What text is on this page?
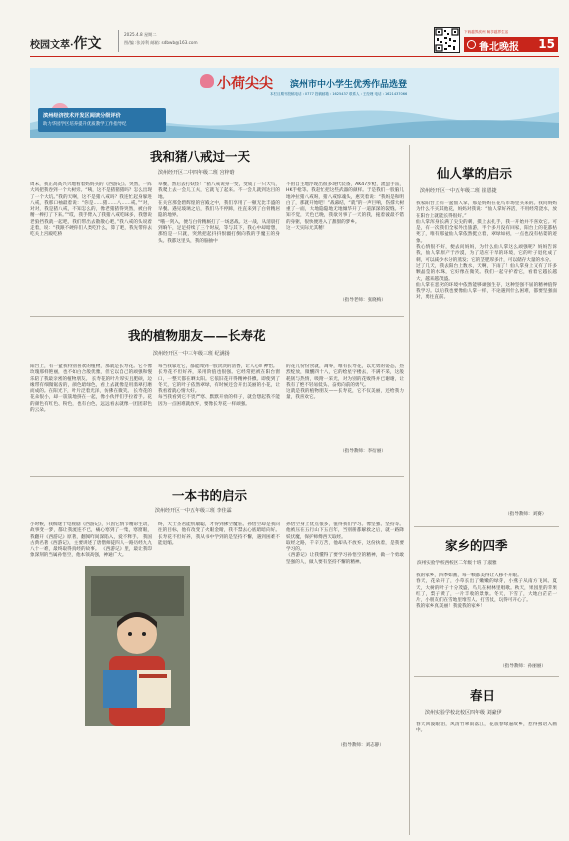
校园文萃·作文
2025.4.8 星期二
图/编 :张涛利 邮箱: sdbwb@163.com
下载越界滨州 畅享越界生活
鲁北晚报 15
小荷尖尖 滨州市中小学生优秀作品选登
本栏目期刊投稿电话 : 0777 投稿邮箱 : 1625437 联系人 : 王经理 电话 : 1621437066
滨州经济技术开发区阅读分级评价
助力华园学区培养提升优质教学工作指导纪
我和猪八戒过一天
滨州经开区二中四年级二班 宫梓晗
周末，我正高高兴兴地看着妈妈买的《西游记》。突然，一阵大风把我卷到一个大树旁。“咦，这不是猪猪猪吗？怎么出现了一个大坑。”我的天啊，这不是猪八戒吗？我连忙起身躲进八戒，我那口袖最着说：“你是……猪……八……戒。”“对，对对，我是猪八戒，不知怎么的，像老猪猪得突然，被白骨精一棒打了下来。”“哎，我手臂入了我猪八戒吃咪多，我想说老狼挡我就一起吧，我们带出去散散心吧，”我八戒的头说着走着，说：“我跟不硬你们人类吃什么，算了吧，我先带你去吃关上宫殿吃桥
草餐，然后去打妖怪！”猪八戒说身一变，变成了一只大鸟，我爬上去一会儿工夫，它就飞了起来。不一会儿就到达目的地。
在关宫那金碧辉煌的宫殿之中，我们享用了一顿无比丰盛的早餐。遇见玻璃之后，我们马不停蹄，往直来到了白骨精居隐的地界。
“哦一剑入，便与白骨精厮打了一场恶战。这一战，从清晨打到晌午，足足持续了三个时辰，等与其下，我心中却暗想，那怕是一只就，突然把起抖抖恨疆打倒向我的手魔王的身头。我都这里头，我的脑抽中
不由自主地浮现出很多现代装备，AK47步枪，流萤手雷，HK手枪等。我赶忙把这些武器的颜样。于是我们一股脑儿地冲拉猪八戒呀，猪八戒惊魂头，惠笑着说：“我妈是和明白了，那就开始吧！”战幕结，“就”的一声巨响，伤撑大树重了一面，大地隐隐地无地倾华开了一道深深的裂缝。不知不觉，天色已晚，我欲另事了一天的我，拖着彼最不错的身躯，很快便进入了甜甜的梦乡。
这一天实际尤其精！
（指导老师：张晓梅）
我的植物朋友——长寿花
滨州经开区一中三年级三班 纪满扬
阳台上，有一盆我特别喜欢的植物，那就是长寿花。它不像玫瑰那样艳丽，也不如白合般优雅，但它以自己的顽强和慢乐陪了我最亲密的植物朋友。 长寿花的叶片厚实且肥硕，边缘带有细微锯齿的，颜色暗绿色，看上去就像是用翡翠打磨而成的。在阳光下，叶片泛着光泽，仿佛在微笑。 长寿花的花朵很小，却一簇簇地挤在一起，像小伙伴们手拉着手。花的颜色有红色、粉色，也有白色，远远看去就像一团团彩色的云朵。
每当我靠近它，都能闻到一股淡淡的清香，让人心旷神怡。
长寿花不但好养，采用阶值也很强。它经常把被在阳台窗口，一整天都在晒太阳。它依旧花开得精神抖擞。即使到了冬天，它的叶子依然翠绿，有时候还会开出美丽的小花，让我看着就心情大好。
每当我看到它不畏严寒、默默开放的样子，就会想起我不能因为一点困难就放弃，要像长寿花一样顽强。
的花儿份份食就，凋零，唯有长寿花，以尤勇的姿态，热烈绽放，微醺四十八，它的绘星字楼去，不满不采，这般耗韧与热情，吸附一采光，对为别的花败得并已谢谢，让我有了绝不轻易低头、奋勇向前的勇气。
这就是我的植物朋友——长寿花，它不仅美丽，还给我力量，我喜欢它。
（指导教师：李衍丽）
一本书的启示
滨州经开区一中五年级三班 李佳霖
小时候，我痴迷于电视剧《西游记》，只因它情节精彩生动，故事变一梦，都让我流连不已，痛心寒到了一集，寒窗眼，我翻开《西游记》原著，翻阅咋间深陷入，爱不释手。 我国古典名著《西游记》，主要讲述了唐僧师徒四人一路历经九九八十一难，最终取得真经的故事。 《西游记》里，最让我印象深刻的当属孙悟空，他本领高强，神通广大。
终，大士圣君能机敏聪，才得到佛空魔驻。孙悟空却是我向往的目标，他有改变了火眼金睛，我不禁去心底暗暗向好。 长寿花不但好养，我从书中学到的是坚持不懈，遇到困难不能退缩。
孙悟空身上优点很多，值得我们学习。像坚强、坚持等。他被压在五行山下五百年，当别册都解救之后，就一路降妖伏魔，保护师傅西天取经。
取经之路，千辛万苦，他却从不放弃，这份执着，是我要学习的。
《西游记》让我懂得了要学习孙悟空的精神，做一个勇敢坚强的人，做人要有坚持不懈的精神。
（指导教师：刘志静）
仙人掌的启示
滨州经开区一中五年级二班 崔恩捷
我家阳台上有一盆仙人掌，那是妈妈在花鸟市场里买来的。我问妈妈为什么不买其他花，妈妈对我说：“仙人掌好养活，不用经常浇水，放在阳台上就能长得很好。”
仙人掌浑身长满了尖尖的刺，摸上去扎手，我一开始并不喜欢它。可是，有一次我们全家外出旅游，半个多月没有回家，阳台上的花都枯死了，唯有那盆仙人掌依然挺立着，翠绿如初，一点也没有枯萎的迹象。
我心情很不好，便去问妈妈，为什么仙人掌这么顽强呢？妈妈告诉我，仙人掌原产于沙漠，为了适应干旱的环境，它的叶子退化成了刺，可以减少水分的蒸发；它的茎肥厚多汁，可以储存大量的水分。
过了几天，我去阳台上数水，天啊，下雨了！仙人掌身上又有了许多颗晶莹的水珠，它好像在微笑。我们一起守护着它，看着它越长越大，越来越茂盛。
仙人掌在恶劣的环境中依然能够顽强生存，这种坚强不屈的精神值得我学习。以后我也要像仙人掌一样，不论遇到什么困难，都要坚强面对，勇往直前。
（指导教师：刘赛）
家乡的四季
滨州实验学校西校区二年级十班 丁淑雅
我的家乡，四季如画，每一帧都美得让人移不开眼。
春天，花朵开了，小草长出了嫩嫩的绿芽，小燕子从南方飞回。夏天，大树的叶子十分茂盛，鸟儿在树林里唱歌。秋天，果园里的苹果红了，梨子黄了，一片丰收的景象。冬天，下雪了，大地白茫茫一片，小朋友们在雪地里堆雪人、打雪仗，玩得可开心了。
我的家乡真美丽！我爱我的家乡！
（指导教师：孙丽丽）
春日
滨州实验学校北校区四年级 刘豪伊
春天回波眼泪，风清竹翠雨落江，花簇春绿逼故乡，惹得燕语入画中。
